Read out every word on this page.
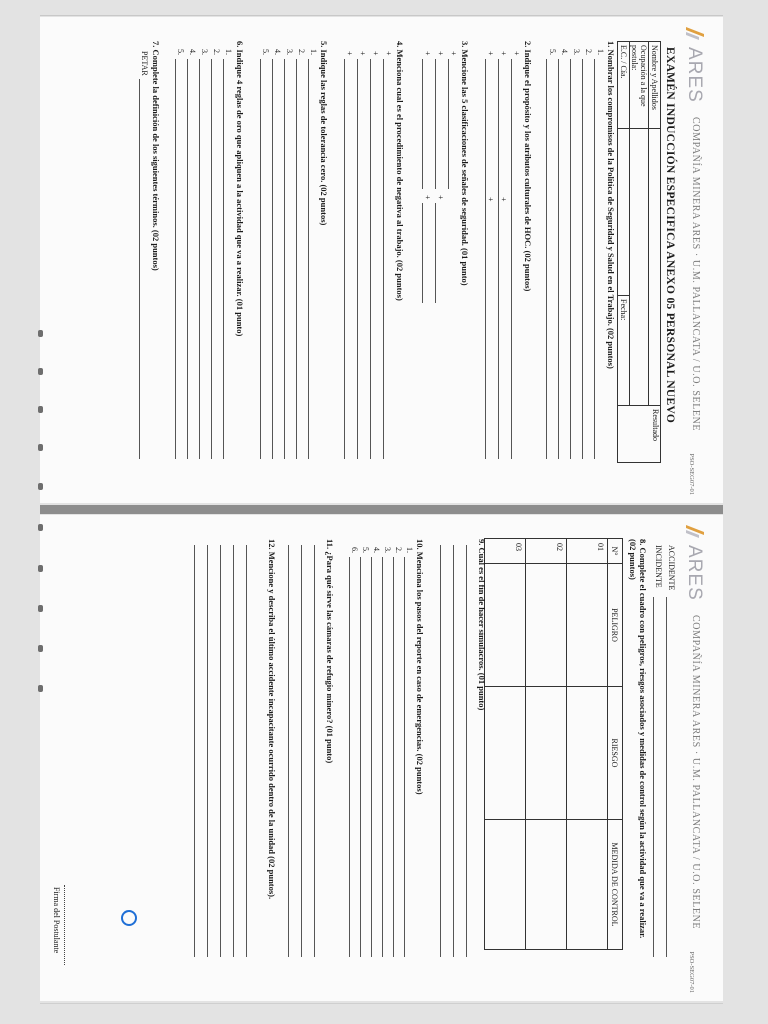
ARES
COMPAÑÍA MINERA ARES · U.M. PALLANCATA / U.O. SELENE
PSO-SEG07-01
EXAMÉN INDUCCIÓN ESPECIFICA ANEXO 05 PERSONAL NUEVO
Nombre y Apellidos			Resultado
Ocupación a la que postula:			
E.C. / Cía.		Fecha:	
1. Nombrar los compromisos de la Política de Seguridad y Salud en el Trabajo. (02 puntos)
1.
2.
3.
4.
5.
2. Indique el propósito y los atributos culturales de HOC. (02 puntos)
+
+
+
+
+
3. Mencione las 5 clasificaciones de señales de seguridad. (01 punto)
+
+
+
+
+
4. Menciona cual es el procedimiento de negativa al trabajo. (02 puntos)
+
+
+
+
5. Indique las reglas de tolerancia cero. (02 puntos)
1.
2.
3.
4.
5.
6. Indique 4 reglas de oro que apliquen a la actividad que va a realizar. (01 punto)
1.
2.
3.
4.
5.
7. Complete la definición de los siguientes términos. (02 puntos)
PETAR
ARES
COMPAÑÍA MINERA ARES · U.M. PALLANCATA / U.O. SELENE
PSO-SEG07-01
ACCIDENTE
INCIDENTE
8. Complete el cuadro con peligros, riesgos asociados y medidas de control según la actividad que va a realizar. (02 puntos)
N°	PELIGRO	RIESGO	MEDIDA DE CONTROL
01			
02			
03			
9. Cuál es el fin de hacer simulacros. (01 punto)
10. Menciona los pasos del reporte en caso de emergencias. (02 puntos)
1.
2.
3.
4.
5.
6.
11. ¿Para qué sirve las cámaras de refugio minero? (01 punto)
12. Mencione y describa el último accidente incapacitante ocurrido dentro de la unidad (02 puntos).
Firma del Postulante
